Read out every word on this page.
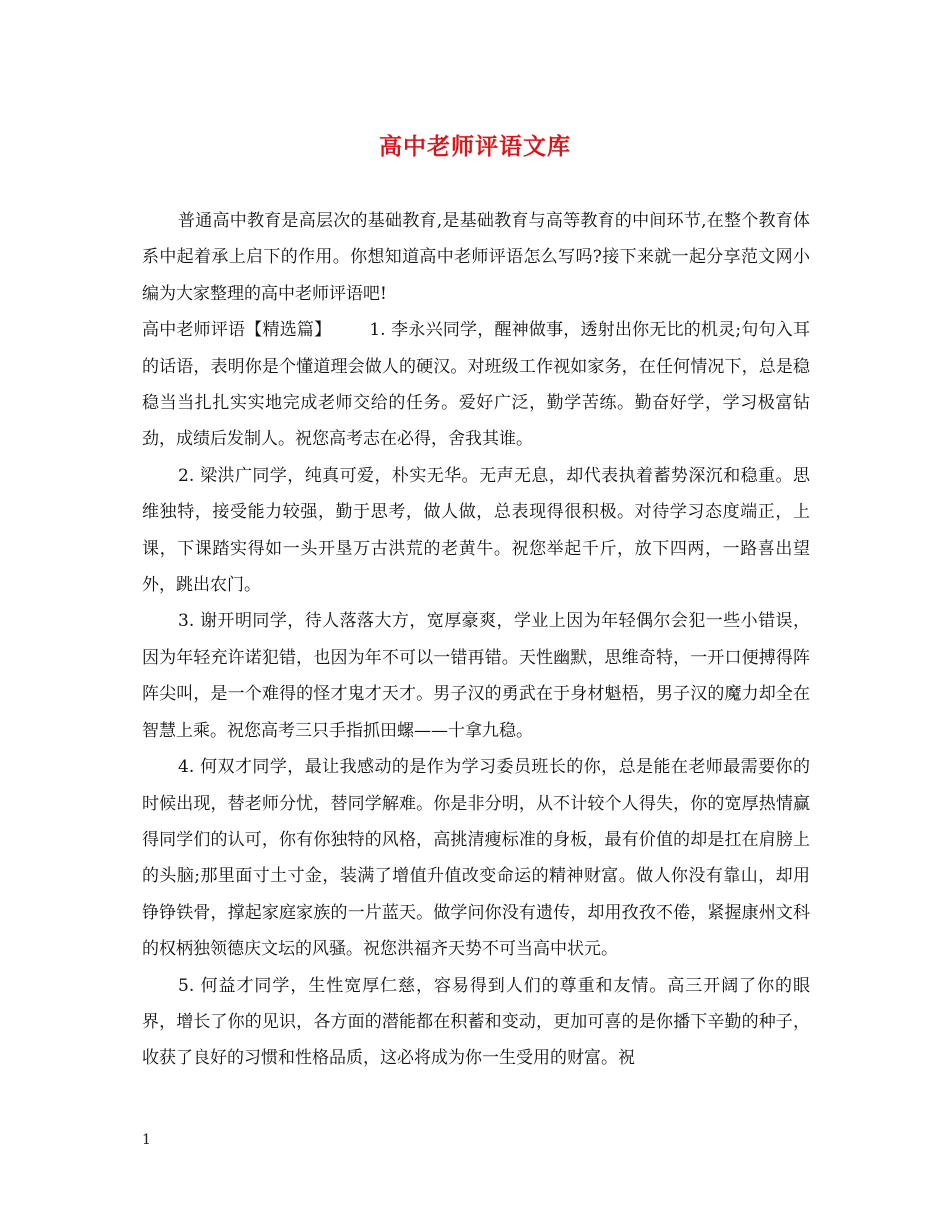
高中老师评语文库

普通高中教育是高层次的基础教育,是基础教育与高等教育的中间环节,在整个教育体系中起着承上启下的作用。你想知道高中老师评语怎么写吗?接下来就一起分享范文网小编为大家整理的高中老师评语吧!

高中老师评语【精选篇】 1. 李永兴同学，醒神做事，透射出你无比的机灵;句句入耳的话语，表明你是个懂道理会做人的硬汉。对班级工作视如家务，在任何情况下，总是稳稳当当扎扎实实地完成老师交给的任务。爱好广泛，勤学苦练。勤奋好学，学习极富钻劲，成绩后发制人。祝您高考志在必得，舍我其谁。

2. 梁洪广同学，纯真可爱，朴实无华。无声无息，却代表执着蓄势深沉和稳重。思维独特，接受能力较强，勤于思考，做人做，总表现得很积极。对待学习态度端正，上课，下课踏实得如一头开垦万古洪荒的老黄牛。祝您举起千斤，放下四两，一路喜出望外，跳出农门。

3. 谢开明同学，待人落落大方，宽厚豪爽，学业上因为年轻偶尔会犯一些小错误，因为年轻充许诺犯错，也因为年不可以一错再错。天性幽默，思维奇特，一开口便搏得阵阵尖叫，是一个难得的怪才鬼才天才。男子汉的勇武在于身材魁梧，男子汉的魔力却全在智慧上乘。祝您高考三只手指抓田螺——十拿九稳。

4. 何双才同学，最让我感动的是作为学习委员班长的你，总是能在老师最需要你的时候出现，替老师分忧，替同学解难。你是非分明，从不计较个人得失，你的宽厚热情赢得同学们的认可，你有你独特的风格，高挑清瘦标准的身板，最有价值的却是扛在肩膀上的头脑;那里面寸土寸金，装满了增值升值改变命运的精神财富。做人你没有靠山，却用铮铮铁骨，撑起家庭家族的一片蓝天。做学问你没有遗传，却用孜孜不倦，紧握康州文科的权柄独领德庆文坛的风骚。祝您洪福齐天势不可当高中状元。

5. 何益才同学，生性宽厚仁慈，容易得到人们的尊重和友情。高三开阔了你的眼界，增长了你的见识，各方面的潜能都在积蓄和变动，更加可喜的是你播下辛勤的种子，收获了良好的习惯和性格品质，这必将成为你一生受用的财富。祝

1
